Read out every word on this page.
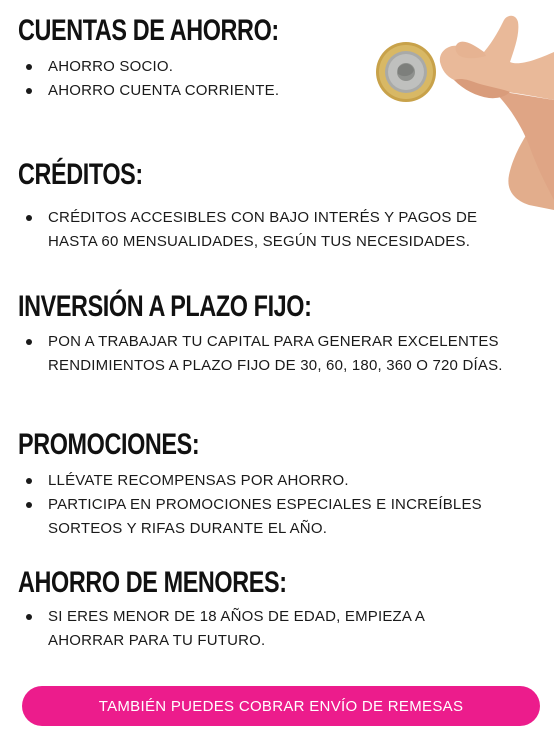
CUENTAS DE AHORRO:
AHORRO SOCIO.
AHORRO CUENTA CORRIENTE.
CRÉDITOS:
CRÉDITOS ACCESIBLES CON BAJO INTERÉS Y PAGOS DE HASTA 60 MENSUALIDADES, SEGÚN TUS NECESIDADES.
INVERSIÓN A PLAZO FIJO:
PON A TRABAJAR TU CAPITAL PARA GENERAR EXCELENTES RENDIMIENTOS A PLAZO FIJO DE 30, 60, 180, 360 O 720 DÍAS.
PROMOCIONES:
LLÉVATE RECOMPENSAS POR AHORRO.
PARTICIPA EN PROMOCIONES ESPECIALES E INCREÍBLES SORTEOS Y RIFAS DURANTE EL AÑO.
AHORRO DE MENORES:
SI ERES MENOR DE 18 AÑOS DE EDAD, EMPIEZA A AHORRAR PARA TU FUTURO.
TAMBIÉN PUEDES COBRAR ENVÍO DE REMESAS
